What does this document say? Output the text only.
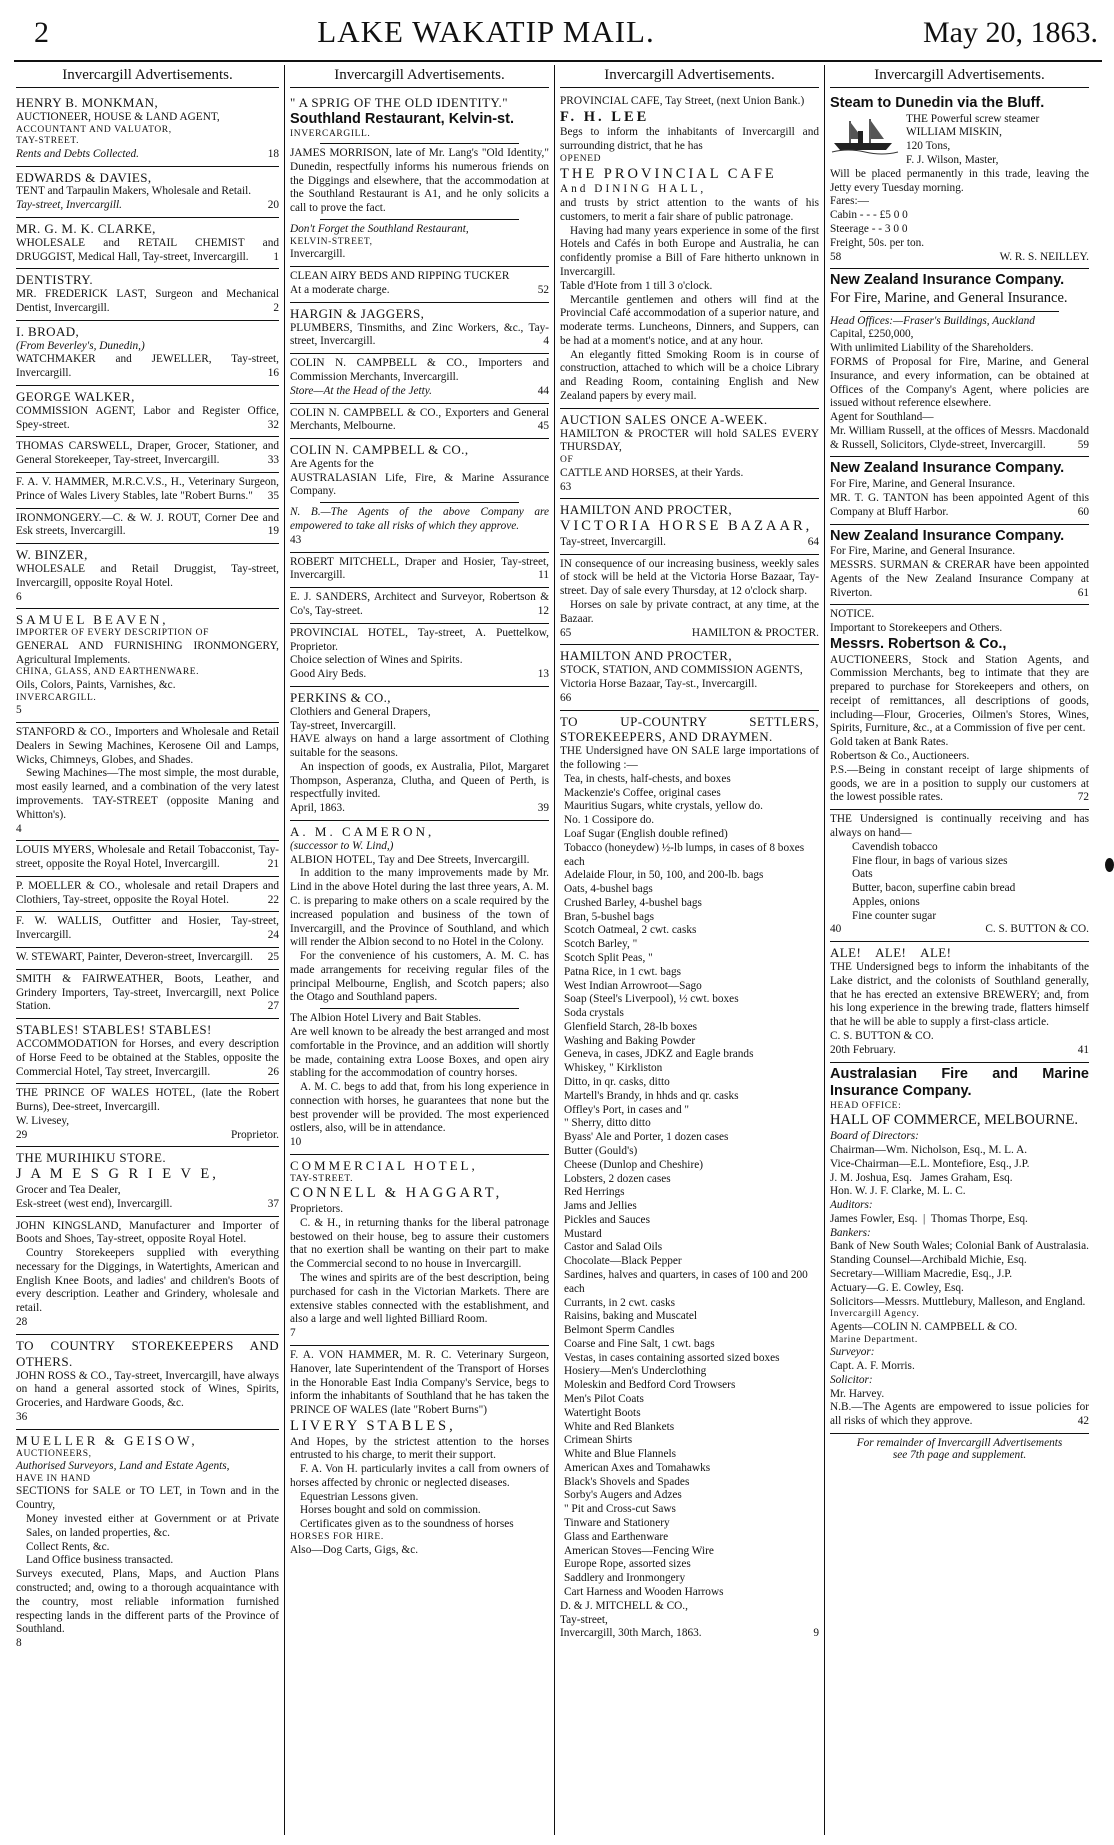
2	LAKE WAKATIP MAIL.	May 20, 1863.
Invercargill Advertisements.

HENRY B. MONKMAN,

AUCTIONEER, HOUSE & LAND AGENT,

ACCOUNTANT AND VALUATOR,

TAY-STREET.

Rents and Debts Collected.	18

EDWARDS & DAVIES,

TENT and Tarpaulin Makers, Wholesale and Retail.

Tay-street, Invercargill.	20

MR. G. M. K. CLARKE,

WHOLESALE and RETAIL CHEMIST and DRUGGIST, Medical Hall, Tay-street, Invercargill. 1

DENTISTRY.

MR. FREDERICK LAST, Surgeon and Mechanical Dentist, Invercargill.	2

I. BROAD,

(From Beverley's, Dunedin,)

WATCHMAKER and JEWELLER, Tay-street, Invercargill.	16

GEORGE WALKER,

COMMISSION AGENT, Labor and Register Office, Spey-street.	32

THOMAS CARSWELL, Draper, Grocer, Stationer, and General Storekeeper, Tay-street, Invercargill.	33

F. A. V. HAMMER, M.R.C.V.S., H., Veterinary Surgeon, Prince of Wales Livery Stables, late "Robert Burns." 35

IRONMONGERY.—C. & W. J. ROUT, Corner Dee and Esk streets, Invercargill.	19

W. BINZER,

WHOLESALE and Retail Druggist, Tay-street, Invercargill, opposite Royal Hotel.

6

SAMUEL BEAVEN,

IMPORTER OF EVERY DESCRIPTION OF

GENERAL AND FURNISHING IRONMONGERY, Agricultural Implements.

CHINA, GLASS, AND EARTHENWARE.

Oils, Colors, Paints, Varnishes, &c.

INVERCARGILL.

5

STANFORD & CO., Importers and Wholesale and Retail Dealers in Sewing Machines, Kerosene Oil and Lamps, Wicks, Chimneys, Globes, and Shades.

Sewing Machines—The most simple, the most durable, most easily learned, and a combination of the very latest improvements. TAY-STREET (opposite Maning and Whitton's).

4

LOUIS MYERS, Wholesale and Retail Tobacconist, Tay-street, opposite the Royal Hotel, Invercargill.	21

P. MOELLER & CO., wholesale and retail Drapers and Clothiers, Tay-street, opposite the Royal Hotel.	22

F. W. WALLIS, Outfitter and Hosier, Tay-street, Invercargill.	24

W. STEWART, Painter, Deveron-street, Invercargill. 25

SMITH & FAIRWEATHER, Boots, Leather, and Grindery Importers, Tay-street, Invercargill, next Police Station.	27

STABLES! STABLES! STABLES!

ACCOMMODATION for Horses, and every description of Horse Feed to be obtained at the Stables, opposite the Commercial Hotel, Tay street, Invercargill.	26

THE PRINCE OF WALES HOTEL, (late the Robert Burns), Dee-street, Invercargill.

W. Livesey,

29	Proprietor.

THE MURIHIKU STORE.

J A M E S G R I E V E,

Grocer and Tea Dealer,

Esk-street (west end), Invercargill.	37

JOHN KINGSLAND, Manufacturer and Importer of Boots and Shoes, Tay-street, opposite Royal Hotel.

Country Storekeepers supplied with everything necessary for the Diggings, in Watertights, American and English Knee Boots, and ladies' and children's Boots of every description. Leather and Grindery, wholesale and retail.

28

TO COUNTRY STOREKEEPERS AND OTHERS.

JOHN ROSS & CO., Tay-street, Invercargill, have always on hand a general assorted stock of Wines, Spirits, Groceries, and Hardware Goods, &c.

36

MUELLER & GEISOW,

AUCTIONEERS,

Authorised Surveyors, Land and Estate Agents,

HAVE IN HAND

SECTIONS for SALE or TO LET, in Town and in the Country,

Money invested either at Government or at Private Sales, on landed properties, &c.

Collect Rents, &c.

Land Office business transacted.

Surveys executed, Plans, Maps, and Auction Plans constructed; and, owing to a thorough acquaintance with the country, most reliable information furnished respecting lands in the different parts of the Province of Southland.

8

Invercargill Advertisements.

" A SPRIG OF THE OLD IDENTITY."

Southland Restaurant, Kelvin-st.

INVERCARGILL.

JAMES MORRISON, late of Mr. Lang's "Old Identity," Dunedin, respectfully informs his numerous friends on the Diggings and elsewhere, that the accommodation at the Southland Restaurant is A1, and he only solicits a call to prove the fact.

Don't Forget the Southland Restaurant,

KELVIN-STREET,

Invercargill.

CLEAN AIRY BEDS AND RIPPING TUCKER

At a moderate charge.	52

HARGIN & JAGGERS,

PLUMBERS, Tinsmiths, and Zinc Workers, &c., Tay-street, Invercargill.	4

COLIN N. CAMPBELL & CO., Importers and Commission Merchants, Invercargill.

Store—At the Head of the Jetty.	44

COLIN N. CAMPBELL & CO., Exporters and General Merchants, Melbourne.	45

COLIN N. CAMPBELL & CO.,

Are Agents for the

AUSTRALASIAN Life, Fire, & Marine Assurance Company.

N. B.—The Agents of the above Company are empowered to take all risks of which they approve.

43

ROBERT MITCHELL, Draper and Hosier, Tay-street, Invercargill.	11

E. J. SANDERS, Architect and Surveyor, Robertson & Co's, Tay-street.	12

PROVINCIAL HOTEL, Tay-street, A. Puettelkow, Proprietor.

Choice selection of Wines and Spirits.

Good Airy Beds.	13

PERKINS & CO.,

Clothiers and General Drapers,

Tay-street, Invercargill.

HAVE always on hand a large assortment of Clothing suitable for the seasons.

An inspection of goods, ex Australia, Pilot, Margaret Thompson, Asperanza, Clutha, and Queen of Perth, is respectfully invited.

April, 1863.	39

A. M. CAMERON,

(successor to W. Lind,)

ALBION HOTEL, Tay and Dee Streets, Invercargill.

In addition to the many improvements made by Mr. Lind in the above Hotel during the last three years, A. M. C. is preparing to make others on a scale required by the increased population and business of the town of Invercargill, and the Province of Southland, and which will render the Albion second to no Hotel in the Colony.

For the convenience of his customers, A. M. C. has made arrangements for receiving regular files of the principal Melbourne, English, and Scotch papers; also the Otago and Southland papers.

The Albion Hotel Livery and Bait Stables.

Are well known to be already the best arranged and most comfortable in the Province, and an addition will shortly be made, containing extra Loose Boxes, and open airy stabling for the accommodation of country horses.

A. M. C. begs to add that, from his long experience in connection with horses, he guarantees that none but the best provender will be provided. The most experienced ostlers, also, will be in attendance.

10

COMMERCIAL HOTEL,

TAY-STREET.

CONNELL & HAGGART,

Proprietors.

C. & H., in returning thanks for the liberal patronage bestowed on their house, beg to assure their customers that no exertion shall be wanting on their part to make the Commercial second to no house in Invercargill.

The wines and spirits are of the best description, being purchased for cash in the Victorian Markets. There are extensive stables connected with the establishment, and also a large and well lighted Billiard Room.

7

F. A. VON HAMMER, M. R. C. Veterinary Surgeon, Hanover, late Superintendent of the Transport of Horses in the Honorable East India Company's Service, begs to inform the inhabitants of Southland that he has taken the PRINCE OF WALES (late "Robert Burns")

LIVERY STABLES,

And Hopes, by the strictest attention to the horses entrusted to his charge, to merit their support.

F. A. Von H. particularly invites a call from owners of horses affected by chronic or neglected diseases.

Equestrian Lessons given.

Horses bought and sold on commission.

Certificates given as to the soundness of horses

HORSES FOR HIRE.

Also—Dog Carts, Gigs, &c.

Invercargill Advertisements.

PROVINCIAL CAFE, Tay Street, (next Union Bank.)

F. H. LEE

Begs to inform the inhabitants of Invercargill and surrounding district, that he has

OPENED

THE PROVINCIAL CAFE

And DINING HALL,

and trusts by strict attention to the wants of his customers, to merit a fair share of public patronage.

Having had many years experience in some of the first Hotels and Cafés in both Europe and Australia, he can confidently promise a Bill of Fare hitherto unknown in Invercargill.

Table d'Hote from 1 till 3 o'clock.

Mercantile gentlemen and others will find at the Provincial Café accommodation of a superior nature, and moderate terms. Luncheons, Dinners, and Suppers, can be had at a moment's notice, and at any hour.

An elegantly fitted Smoking Room is in course of construction, attached to which will be a choice Library and Reading Room, containing English and New Zealand papers by every mail.

AUCTION SALES ONCE A-WEEK.

HAMILTON & PROCTER will hold SALES EVERY THURSDAY,

OF

CATTLE AND HORSES, at their Yards.

63

HAMILTON AND PROCTER,

VICTORIA HORSE BAZAAR,

Tay-street, Invercargill.	64

IN consequence of our increasing business, weekly sales of stock will be held at the Victoria Horse Bazaar, Tay-street. Day of sale every Thursday, at 12 o'clock sharp.

Horses on sale by private contract, at any time, at the Bazaar.

65	HAMILTON & PROCTER.

HAMILTON AND PROCTER,

STOCK, STATION, AND COMMISSION AGENTS,

Victoria Horse Bazaar, Tay-st., Invercargill.

66

TO UP-COUNTRY SETTLERS, STOREKEEPERS, AND DRAYMEN.

THE Undersigned have ON SALE large importations of the following :—

Tea, in chests, half-chests, and boxes

Mackenzie's Coffee, original cases

Mauritius Sugars, white crystals, yellow do.

No. 1 Cossipore do.

Loaf Sugar (English double refined)

Tobacco (honeydew) ½-lb lumps, in cases of 8 boxes each

Adelaide Flour, in 50, 100, and 200-lb. bags

Oats, 4-bushel bags

Crushed Barley, 4-bushel bags

Bran, 5-bushel bags

Scotch Oatmeal, 2 cwt. casks

Scotch Barley, "

Scotch Split Peas, "

Patna Rice, in 1 cwt. bags

West Indian Arrowroot—Sago

Soap (Steel's Liverpool), ½ cwt. boxes

Soda crystals

Glenfield Starch, 28-lb boxes

Washing and Baking Powder

Geneva, in cases, JDKZ and Eagle brands

Whiskey, " Kirkliston

Ditto, in qr. casks, ditto

Martell's Brandy, in hhds and qr. casks

Offley's Port, in cases and "

" Sherry, ditto ditto

Byass' Ale and Porter, 1 dozen cases

Butter (Gould's)

Cheese (Dunlop and Cheshire)

Lobsters, 2 dozen cases

Red Herrings

Jams and Jellies

Pickles and Sauces

Mustard

Castor and Salad Oils

Chocolate—Black Pepper

Sardines, halves and quarters, in cases of 100 and 200 each

Currants, in 2 cwt. casks

Raisins, baking and Muscatel

Belmont Sperm Candles

Coarse and Fine Salt, 1 cwt. bags

Vestas, in cases containing assorted sized boxes

Hosiery—Men's Underclothing

Moleskin and Bedford Cord Trowsers

Men's Pilot Coats

Watertight Boots

White and Red Blankets

Crimean Shirts

White and Blue Flannels

American Axes and Tomahawks

Black's Shovels and Spades

Sorby's Augers and Adzes

" Pit and Cross-cut Saws

Tinware and Stationery

Glass and Earthenware

American Stoves—Fencing Wire

Europe Rope, assorted sizes

Saddlery and Ironmongery

Cart Harness and Wooden Harrows

D. & J. MITCHELL & CO.,

Tay-street,

Invercargill, 30th March, 1863.	9

Invercargill Advertisements.

Steam to Dunedin via the Bluff.

THE Powerful screw steamer

WILLIAM MISKIN,

120 Tons,

F. J. Wilson, Master,

Will be placed permanently in this trade, leaving the Jetty every Tuesday morning.

Fares:—

Cabin - - - £5 0 0

Steerage - - 3 0 0

Freight, 50s. per ton.

58	W. R. S. NEILLEY.

New Zealand Insurance Company.

For Fire, Marine, and General Insurance.

Head Offices:—Fraser's Buildings, Auckland

Capital, £250,000,

With unlimited Liability of the Shareholders.

FORMS of Proposal for Fire, Marine, and General Insurance, and every information, can be obtained at Offices of the Company's Agent, where policies are issued without reference elsewhere.

Agent for Southland—

Mr. William Russell, at the offices of Messrs. Macdonald & Russell, Solicitors, Clyde-street, Invercargill.	59

New Zealand Insurance Company.

For Fire, Marine, and General Insurance.

MR. T. G. TANTON has been appointed Agent of this Company at Bluff Harbor.	60

New Zealand Insurance Company.

For Fire, Marine, and General Insurance.

MESSRS. SURMAN & CRERAR have been appointed Agents of the New Zealand Insurance Company at Riverton.	61

NOTICE.

Important to Storekeepers and Others.

Messrs. Robertson & Co.,

AUCTIONEERS, Stock and Station Agents, and Commission Merchants, beg to intimate that they are prepared to purchase for Storekeepers and others, on receipt of remittances, all descriptions of goods, including—Flour, Groceries, Oilmen's Stores, Wines, Spirits, Furniture, &c., at a Commission of five per cent.

Gold taken at Bank Rates.

Robertson & Co., Auctioneers.

P.S.—Being in constant receipt of large shipments of goods, we are in a position to supply our customers at the lowest possible rates.	72

THE Undersigned is continually receiving and has always on hand—

Cavendish tobacco

Fine flour, in bags of various sizes

Oats

Butter, bacon, superfine cabin bread

Apples, onions

Fine counter sugar

40	C. S. BUTTON & CO.

ALE!    ALE!    ALE!

THE Undersigned begs to inform the inhabitants of the Lake district, and the colonists of Southland generally, that he has erected an extensive BREWERY; and, from his long experience in the brewing trade, flatters himself that he will be able to supply a first-class article.

C. S. BUTTON & CO.

20th February.	41

Australasian Fire and Marine Insurance Company.

HEAD OFFICE:

HALL OF COMMERCE, MELBOURNE.

Board of Directors:

Chairman—Wm. Nicholson, Esq., M. L. A.

Vice-Chairman—E.L. Montefiore, Esq., J.P.

J. M. Joshua, Esq.   James Graham, Esq.

Hon. W. J. F. Clarke, M. L. C.

Auditors:

James Fowler, Esq.  |  Thomas Thorpe, Esq.

Bankers:

Bank of New South Wales; Colonial Bank of Australasia.

Standing Counsel—Archibald Michie, Esq.

Secretary—William Macredie, Esq., J.P.

Actuary—G. E. Cowley, Esq.

Solicitors—Messrs. Muttlebury, Malleson, and England.

Invercargill Agency.

Agents—COLIN N. CAMPBELL & CO.

Marine Department.

Surveyor:

Capt. A. F. Morris.

Solicitor:

Mr. Harvey.

N.B.—The Agents are empowered to issue policies for all risks of which they approve.	42

For remainder of Invercargill Advertisements

see 7th page and supplement.
